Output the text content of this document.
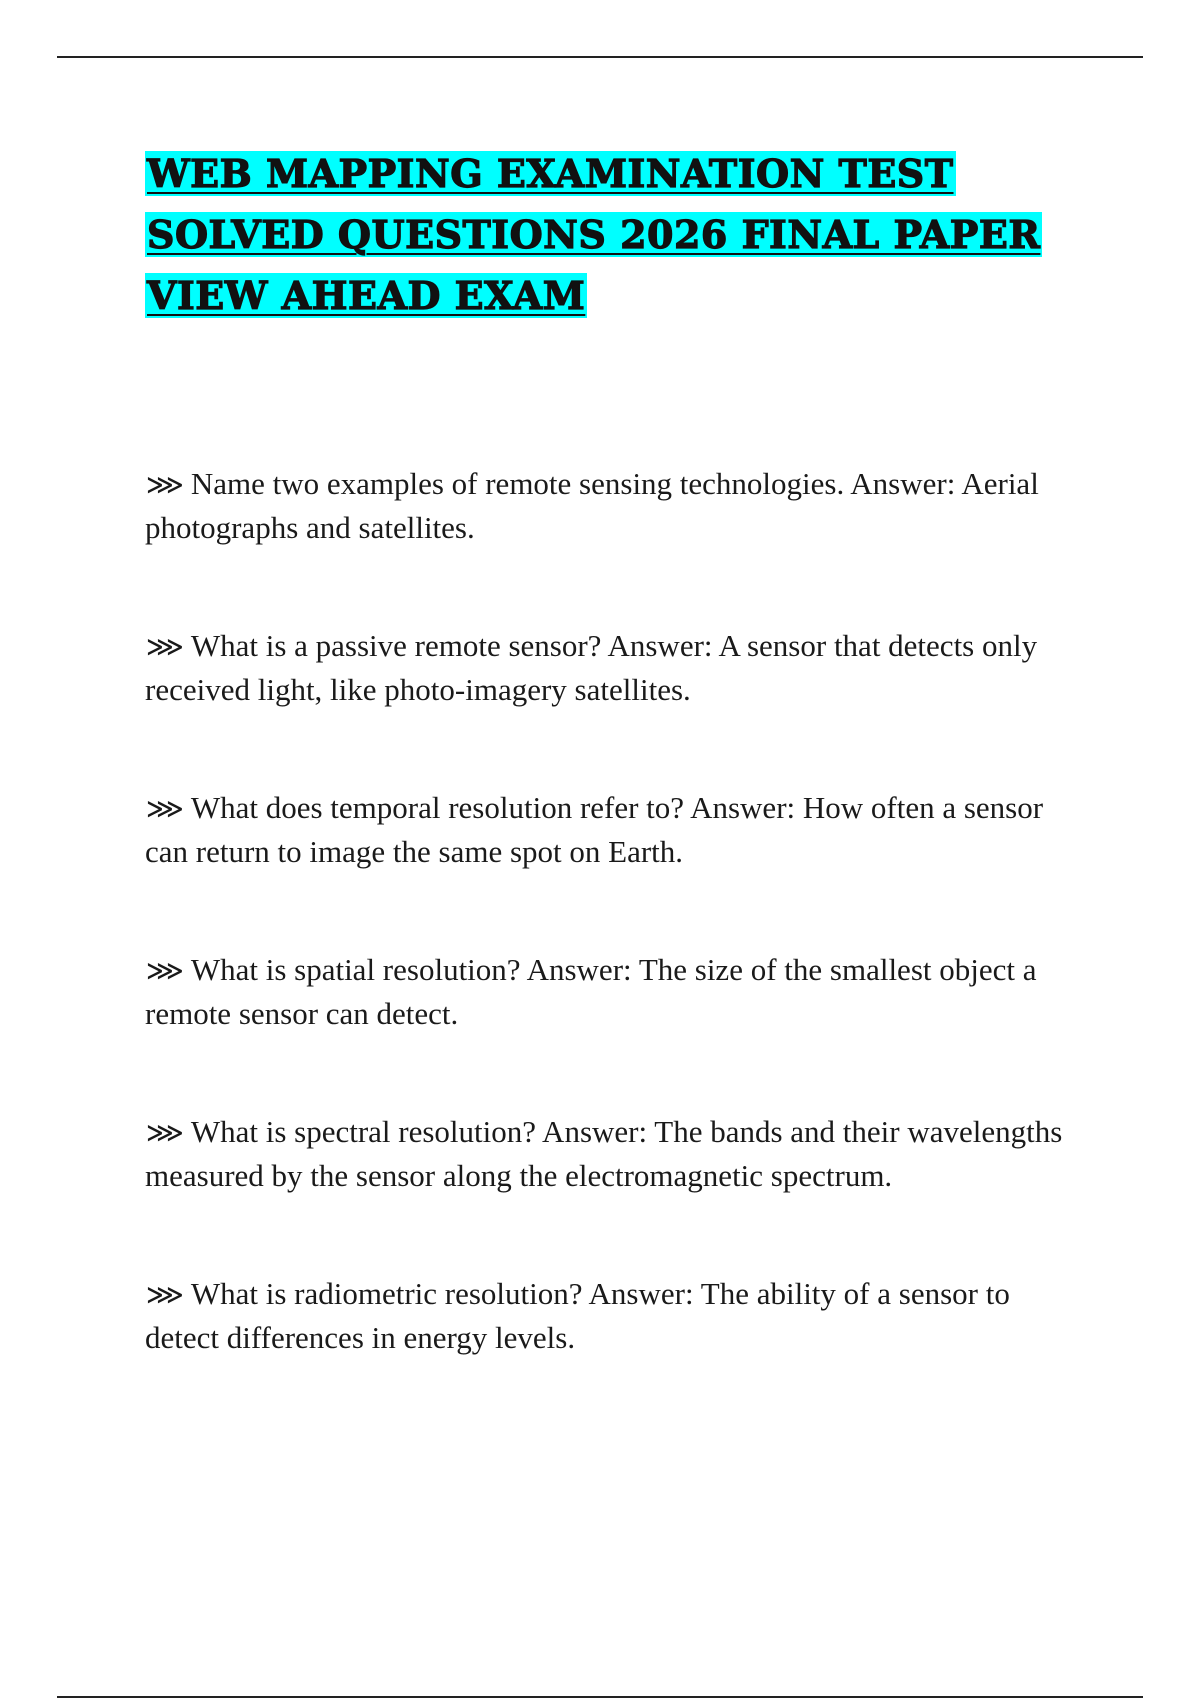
WEB MAPPING EXAMINATION TEST SOLVED QUESTIONS 2026 FINAL PAPER VIEW AHEAD EXAM
⋙ Name two examples of remote sensing technologies. Answer: Aerial photographs and satellites.
⋙ What is a passive remote sensor? Answer: A sensor that detects only received light, like photo-imagery satellites.
⋙ What does temporal resolution refer to? Answer: How often a sensor can return to image the same spot on Earth.
⋙ What is spatial resolution? Answer: The size of the smallest object a remote sensor can detect.
⋙ What is spectral resolution? Answer: The bands and their wavelengths measured by the sensor along the electromagnetic spectrum.
⋙ What is radiometric resolution? Answer: The ability of a sensor to detect differences in energy levels.
